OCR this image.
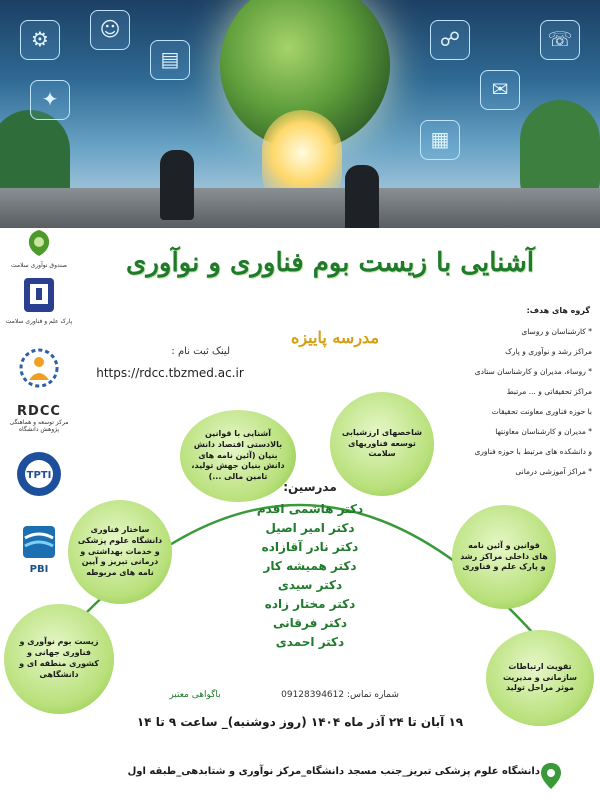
⚙	☺
▤
✦
☍
✉
☏
▦
صندوق نوآوری سلامت
پارک علم و فناوری سلامت
RDCC
مرکز توسعه و هماهنگی پژوهش دانشگاه
TPTI
PBI
آشنایی با زیست بوم فناوری و نوآوری
مدرسه پاییزه
لینک ثبت نام :
https://rdcc.tbzmed.ac.ir
گروه های هدف:
* کارشناسان و روسای
مراکز رشد و نوآوری و پارک
* روساء، مدیران و کارشناسان ستادی
مراکز تحقیقاتی و ... مرتبط
با حوزه فناوری معاونت تحقیقات
* مدیران و کارشناسان معاونتها
و دانشکده های مرتبط با حوزه فناوری
* مراکز آموزشی درمانی
آشنایی با قوانین بالادستی اقتصاد دانش بنیان (آئین نامه های دانش بنیان جهش تولید، تامین مالی ...)
شاخصهای ارزشیابی توسعه فناوریهای سلامت
ساختار فناوری دانشگاه علوم پزشکی و خدمات بهداشتی و درمانی تبریز و آیین نامه های مربوطه
قوانین و آئین نامه های داخلی مراکز رشد و پارک علم و فناوری
زیست بوم نوآوری و فناوری جهانی و کشوری منطقه ای و دانشگاهی
تقویت ارتباطات سازمانی و مدیریت موثر مراحل تولید
مدرسین:
دکتر هاشمی اقدم
دکتر امیر اصیل
دکتر نادر آقازاده
دکتر همیشه کار
دکتر سیدی
دکتر مختار زاده
دکتر فرقانی
دکتر احمدی
شماره تماس: 09128394612
باگواهی معتبر
۱۹ آبان تا ۲۴ آذر ماه ۱۴۰۴ (روز دوشنبه)_ ساعت ۹ تا ۱۴
دانشگاه علوم پزشکی تبریز_جنب مسجد دانشگاه_مرکز نوآوری و شتابدهی_طبقه اول
